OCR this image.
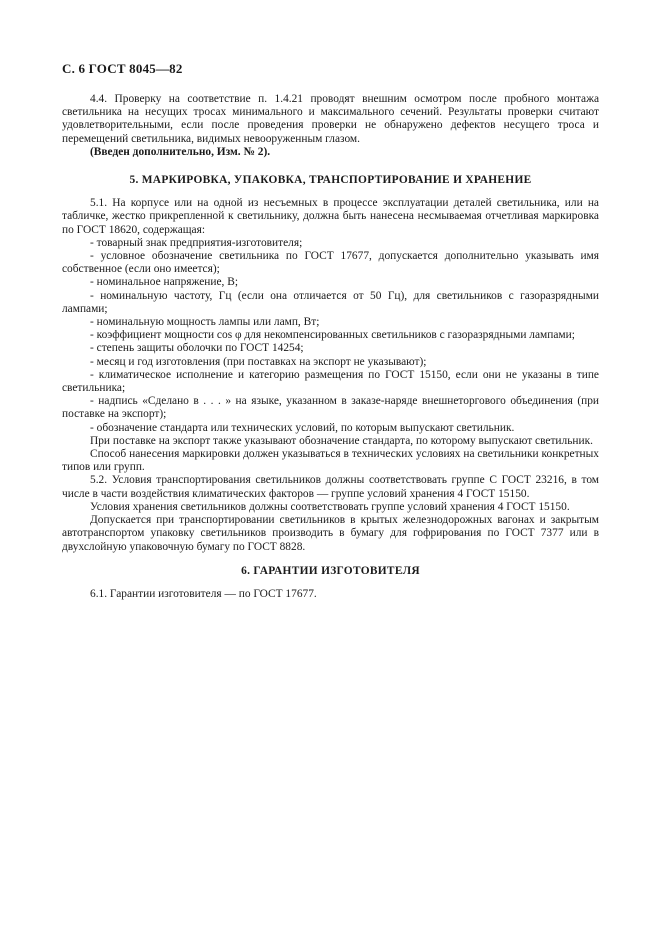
С. 6 ГОСТ 8045—82

4.4. Проверку на соответствие п. 1.4.21 проводят внешним осмотром после пробного монтажа светильника на несущих тросах минимального и максимального сечений. Результаты проверки считают удовлетворительными, если после проведения проверки не обнаружено дефектов несущего троса и перемещений светильника, видимых невооруженным глазом.

(Введен дополнительно, Изм. № 2).

5. МАРКИРОВКА, УПАКОВКА, ТРАНСПОРТИРОВАНИЕ И ХРАНЕНИЕ

5.1. На корпусе или на одной из несъемных в процессе эксплуатации деталей светильника, или на табличке, жестко прикрепленной к светильнику, должна быть нанесена несмываемая отчетливая маркировка по ГОСТ 18620, содержащая:

- товарный знак предприятия-изготовителя;

- условное обозначение светильника по ГОСТ 17677, допускается дополнительно указывать имя собственное (если оно имеется);

- номинальное напряжение, В;

- номинальную частоту, Гц (если она отличается от 50 Гц), для светильников с газоразрядными лампами;

- номинальную мощность лампы или ламп, Вт;

- коэффициент мощности cos φ для некомпенсированных светильников с газоразрядными лампами;

- степень защиты оболочки по ГОСТ 14254;

- месяц и год изготовления (при поставках на экспорт не указывают);

- климатическое исполнение и категорию размещения по ГОСТ 15150, если они не указаны в типе светильника;

- надпись «Сделано в . . . » на языке, указанном в заказе-наряде внешнеторгового объединения (при поставке на экспорт);

- обозначение стандарта или технических условий, по которым выпускают светильник.

При поставке на экспорт также указывают обозначение стандарта, по которому выпускают светильник.

Способ нанесения маркировки должен указываться в технических условиях на светильники конкретных типов или групп.

5.2. Условия транспортирования светильников должны соответствовать группе С ГОСТ 23216, в том числе в части воздействия климатических факторов — группе условий хранения 4 ГОСТ 15150.

Условия хранения светильников должны соответствовать группе условий хранения 4 ГОСТ 15150.

Допускается при транспортировании светильников в крытых железнодорожных вагонах и закрытым автотранспортом упаковку светильников производить в бумагу для гофрирования по ГОСТ 7377 или в двухслойную упаковочную бумагу по ГОСТ 8828.

6. ГАРАНТИИ ИЗГОТОВИТЕЛЯ

6.1. Гарантии изготовителя — по ГОСТ 17677.
